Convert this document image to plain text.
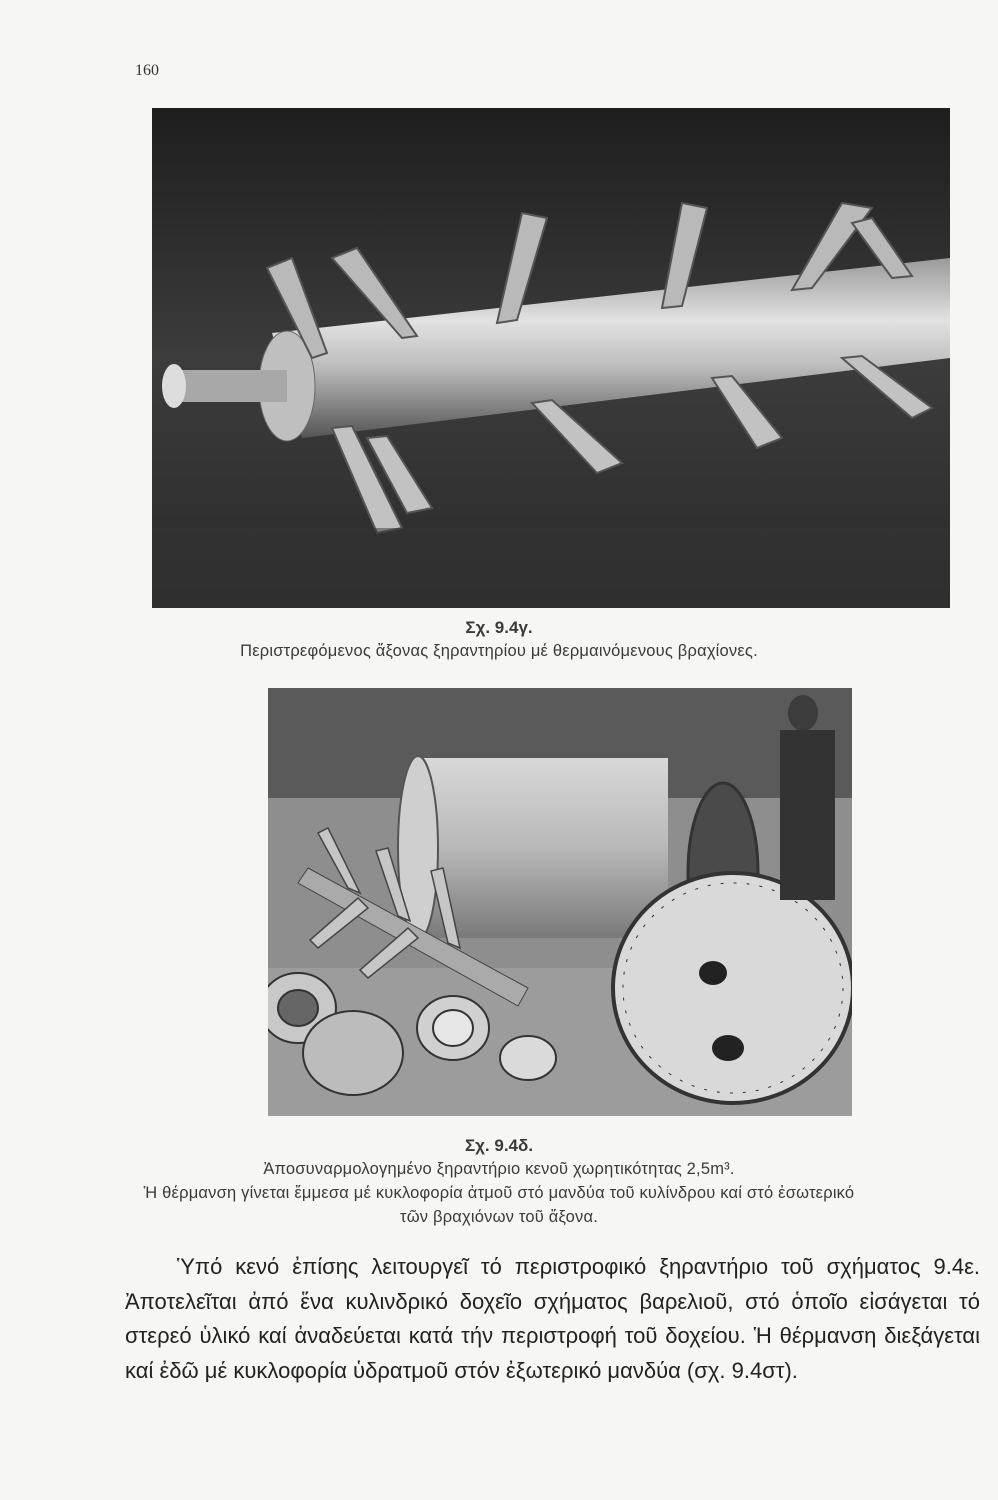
160
Σχ. 9.4γ.
Περιστρεφόμενος ἄξονας ξηραντηρίου μέ θερμαινόμενους βραχίονες.
Σχ. 9.4δ.
Ἀποσυναρμολογημένο ξηραντήριο κενοῦ χωρητικότητας 2,5m³.
Ἡ θέρμανση γίνεται ἔμμεσα μέ κυκλοφορία ἀτμοῦ στό μανδύα τοῦ κυλίνδρου καί στό ἐσωτερικό
τῶν βραχιόνων τοῦ ἄξονα.

Ὑπό κενό ἐπίσης λειτουργεῖ τό περιστροφικό ξηραντήριο τοῦ σχήματος 9.4ε. Ἀποτελεῖται ἀπό ἕνα κυλινδρικό δοχεῖο σχήματος βαρελιοῦ, στό ὁποῖο εἰσάγεται τό στερεό ὑλικό καί ἀναδεύεται κατά τήν περιστροφή τοῦ δοχείου. Ἡ θέρμανση διεξάγεται καί ἐδῶ μέ κυκλοφορία ὑδρατμοῦ στόν ἐξωτερικό μανδύα (σχ. 9.4στ).
